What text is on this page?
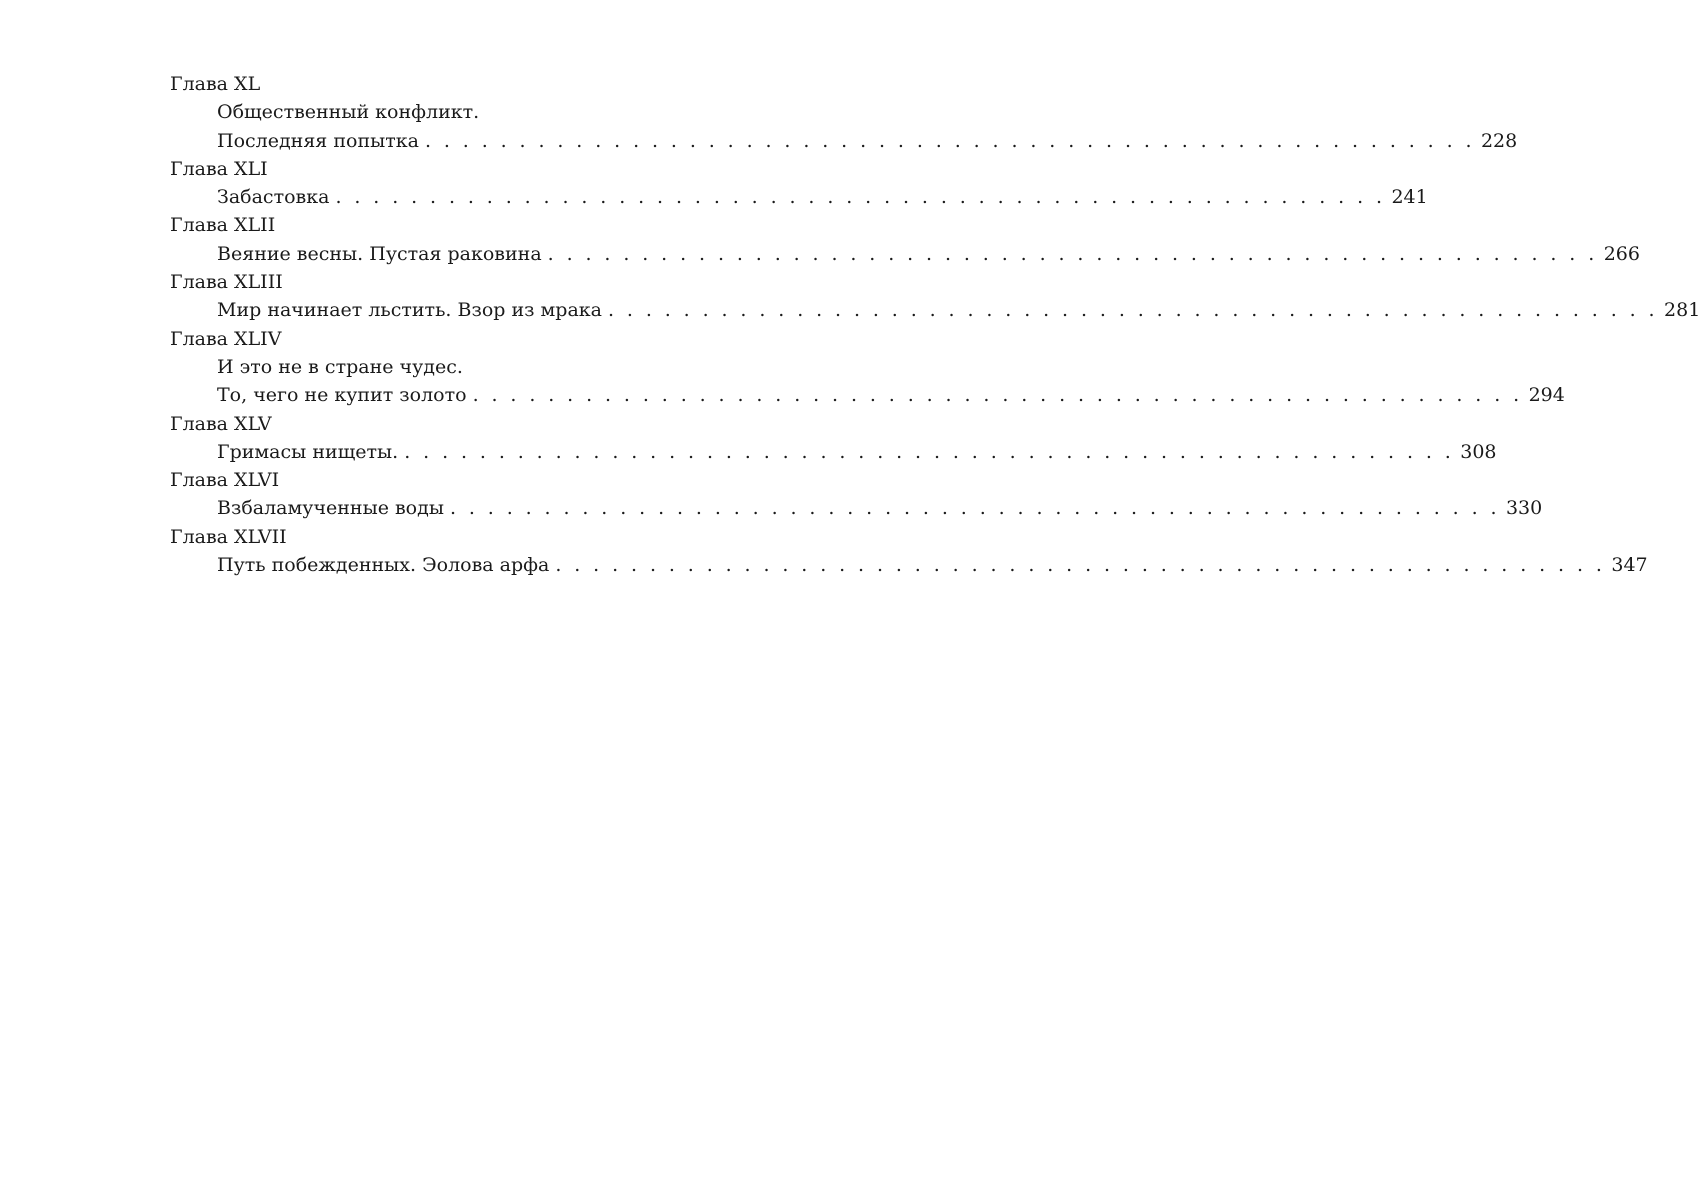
Глава XL
Общественный конфликт.
Последняя попытка . . . . . . . . . . . . . . . . . . . . . . . . . . . . . . . . . . . . . . . . . . . . . . . . . . . . . . . . 228
Глава XLI
Забастовка . . . . . . . . . . . . . . . . . . . . . . . . . . . . . . . . . . . . . . . . . . . . . . . . . . . . . . . . 241
Глава XLII
Веяние весны. Пустая раковина . . . . . . . . . . . . . . . . . . . . . . . . . . . . . . . . . . . . . . . . . . . . . . . . . . . . . . . . 266
Глава XLIII
Мир начинает льстить. Взор из мрака . . . . . . . . . . . . . . . . . . . . . . . . . . . . . . . . . . . . . . . . . . . . . . . . . . . . . . . . 281
Глава XLIV
И это не в стране чудес.
То, чего не купит золото . . . . . . . . . . . . . . . . . . . . . . . . . . . . . . . . . . . . . . . . . . . . . . . . . . . . . . . . 294
Глава XLV
Гримасы нищеты. . . . . . . . . . . . . . . . . . . . . . . . . . . . . . . . . . . . . . . . . . . . . . . . . . . . . . . . . 308
Глава XLVI
Взбаламученные воды . . . . . . . . . . . . . . . . . . . . . . . . . . . . . . . . . . . . . . . . . . . . . . . . . . . . . . . . 330
Глава XLVII
Путь побежденных. Эолова арфа . . . . . . . . . . . . . . . . . . . . . . . . . . . . . . . . . . . . . . . . . . . . . . . . . . . . . . . . 347
